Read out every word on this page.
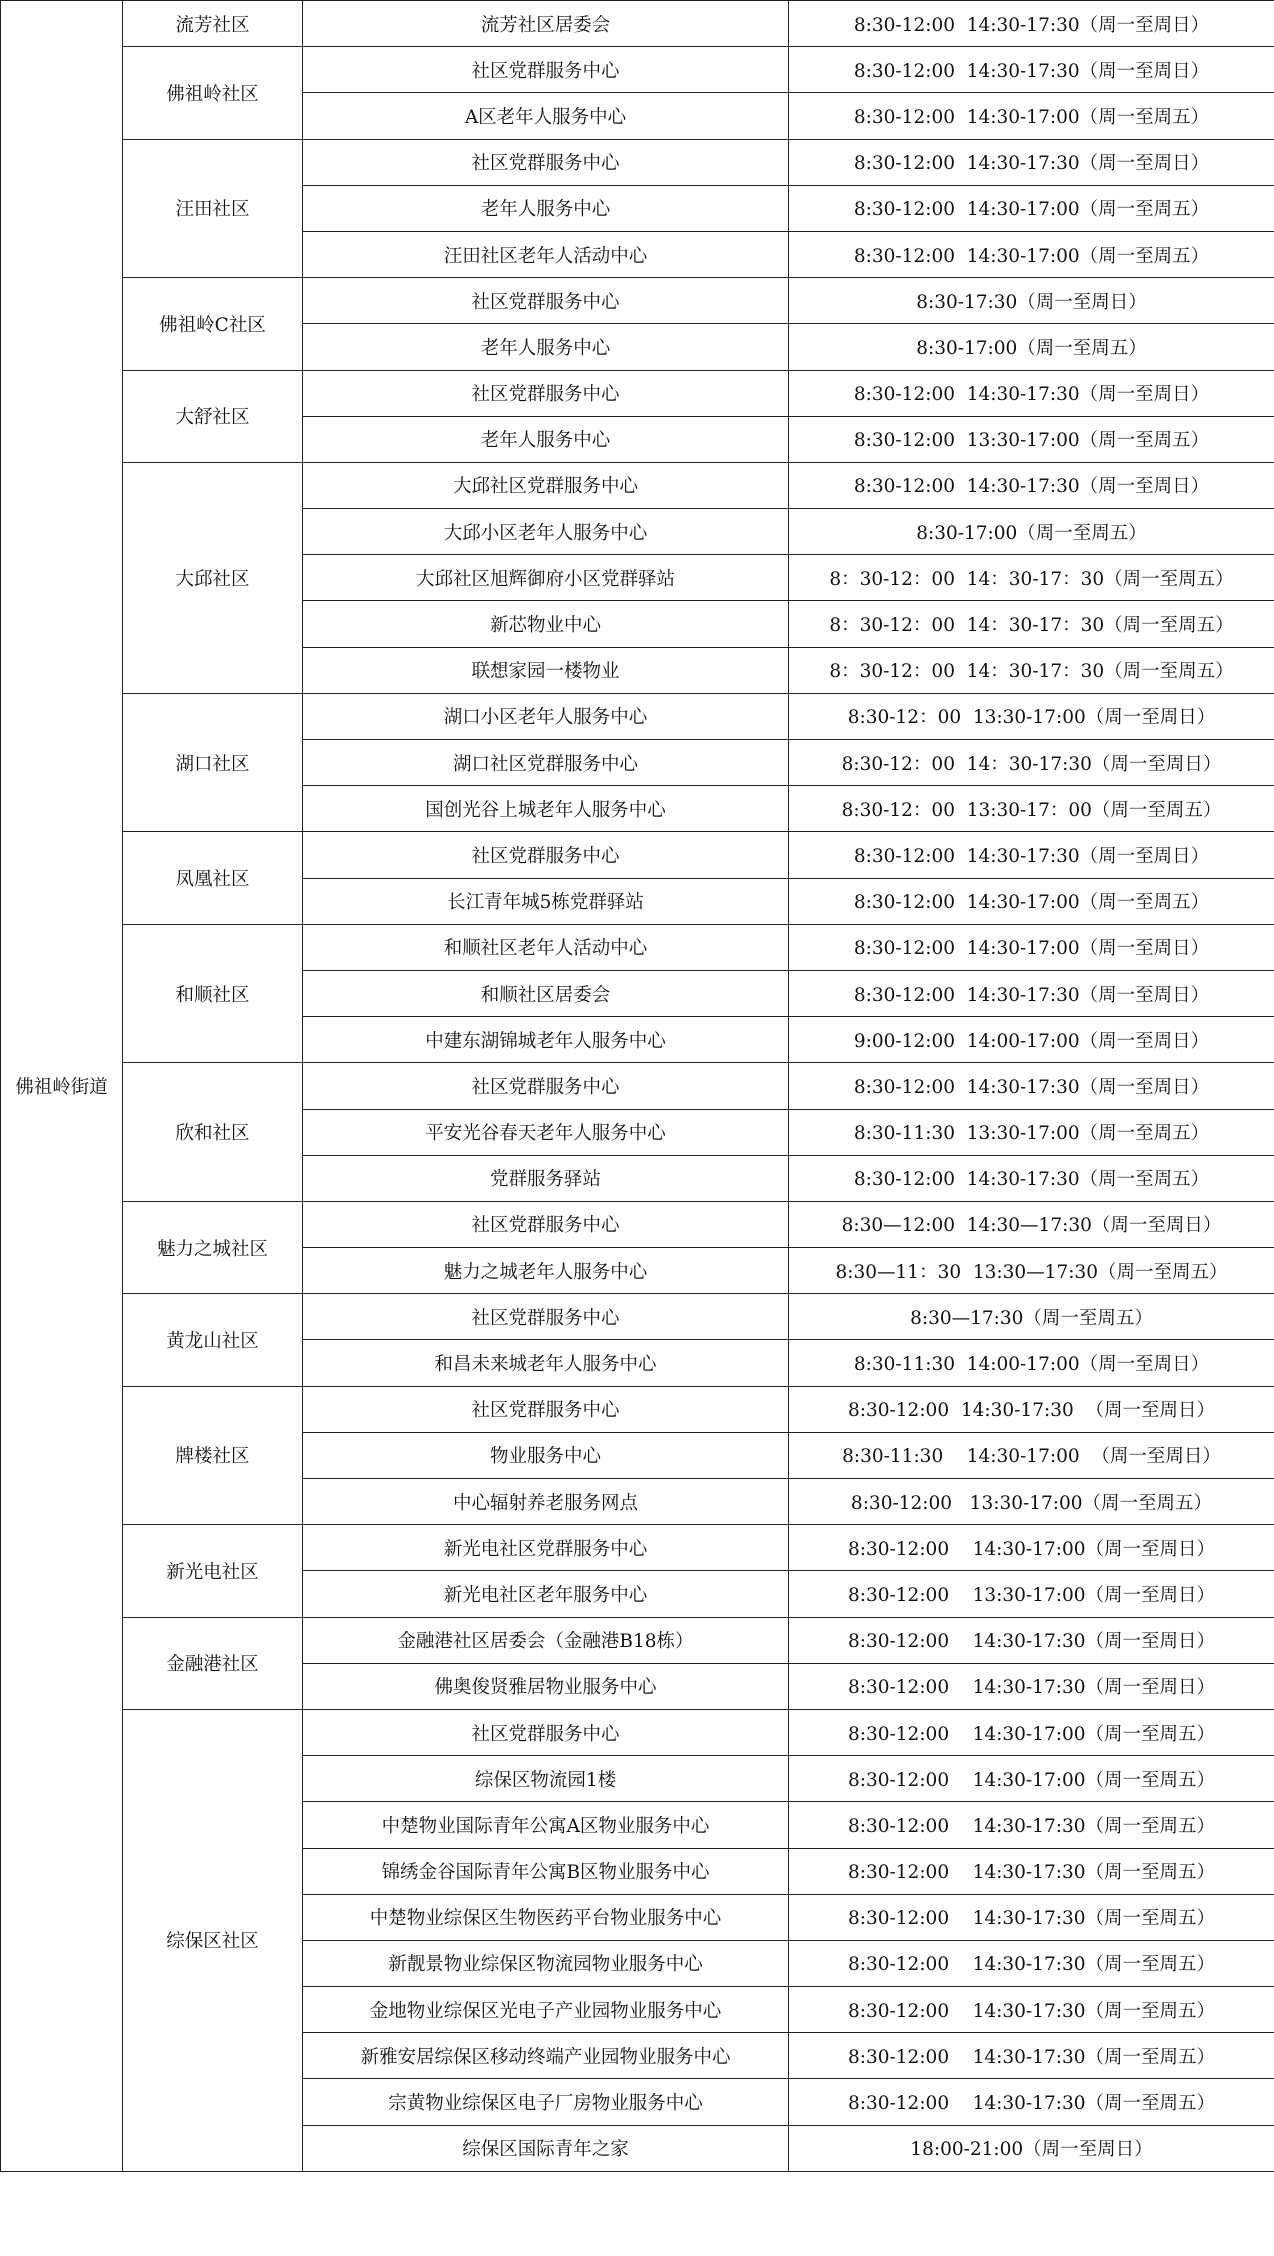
佛祖岭街道	流芳社区	流芳社区居委会	8:30-12:00  14:30-17:30（周一至周日）
	佛祖岭社区	社区党群服务中心	8:30-12:00  14:30-17:30（周一至周日）
		A区老年人服务中心	8:30-12:00  14:30-17:00（周一至周五）
	汪田社区	社区党群服务中心	8:30-12:00  14:30-17:30（周一至周日）
		老年人服务中心	8:30-12:00  14:30-17:00（周一至周五）
		汪田社区老年人活动中心	8:30-12:00  14:30-17:00（周一至周五）
	佛祖岭C社区	社区党群服务中心	8:30-17:30（周一至周日）
		老年人服务中心	8:30-17:00（周一至周五）
	大舒社区	社区党群服务中心	8:30-12:00  14:30-17:30（周一至周日）
		老年人服务中心	8:30-12:00  13:30-17:00（周一至周五）
	大邱社区	大邱社区党群服务中心	8:30-12:00  14:30-17:30（周一至周日）
		大邱小区老年人服务中心	8:30-17:00（周一至周五）
		大邱社区旭辉御府小区党群驿站	8：30-12：00  14：30-17：30（周一至周五）
		新芯物业中心	8：30-12：00  14：30-17：30（周一至周五）
		联想家园一楼物业	8：30-12：00  14：30-17：30（周一至周五）
	湖口社区	湖口小区老年人服务中心	8:30-12：00  13:30-17:00（周一至周日）
		湖口社区党群服务中心	8:30-12：00  14：30-17:30（周一至周日）
		国创光谷上城老年人服务中心	8:30-12：00  13:30-17：00（周一至周五）
	凤凰社区	社区党群服务中心	8:30-12:00  14:30-17:30（周一至周日）
		长江青年城5栋党群驿站	8:30-12:00  14:30-17:00（周一至周五）
	和顺社区	和顺社区老年人活动中心	8:30-12:00  14:30-17:00（周一至周日）
		和顺社区居委会	8:30-12:00  14:30-17:30（周一至周日）
		中建东湖锦城老年人服务中心	9:00-12:00  14:00-17:00（周一至周日）
	欣和社区	社区党群服务中心	8:30-12:00  14:30-17:30（周一至周日）
		平安光谷春天老年人服务中心	8:30-11:30  13:30-17:00（周一至周五）
		党群服务驿站	8:30-12:00  14:30-17:30（周一至周五）
	魅力之城社区	社区党群服务中心	8:30—12:00  14:30—17:30（周一至周日）
		魅力之城老年人服务中心	8:30—11：30  13:30—17:30（周一至周五）
	黄龙山社区	社区党群服务中心	8:30—17:30（周一至周五）
		和昌未来城老年人服务中心	8:30-11:30  14:00-17:00（周一至周日）
	牌楼社区	社区党群服务中心	8:30-12:00  14:30-17:30  （周一至周日）
		物业服务中心	8:30-11:30    14:30-17:00  （周一至周日）
		中心辐射养老服务网点	8:30-12:00   13:30-17:00（周一至周五）
	新光电社区	新光电社区党群服务中心	8:30-12:00    14:30-17:00（周一至周日）
		新光电社区老年服务中心	8:30-12:00    13:30-17:00（周一至周日）
	金融港社区	金融港社区居委会（金融港B18栋）	8:30-12:00    14:30-17:30（周一至周日）
		佛奥俊贤雅居物业服务中心	8:30-12:00    14:30-17:30（周一至周日）
	综保区社区	社区党群服务中心	8:30-12:00    14:30-17:00（周一至周五）
		综保区物流园1楼	8:30-12:00    14:30-17:00（周一至周五）
		中楚物业国际青年公寓A区物业服务中心	8:30-12:00    14:30-17:30（周一至周五）
		锦绣金谷国际青年公寓B区物业服务中心	8:30-12:00    14:30-17:30（周一至周五）
		中楚物业综保区生物医药平台物业服务中心	8:30-12:00    14:30-17:30（周一至周五）
		新靓景物业综保区物流园物业服务中心	8:30-12:00    14:30-17:30（周一至周五）
		金地物业综保区光电子产业园物业服务中心	8:30-12:00    14:30-17:30（周一至周五）
		新雅安居综保区移动终端产业园物业服务中心	8:30-12:00    14:30-17:30（周一至周五）
		宗黄物业综保区电子厂房物业服务中心	8:30-12:00    14:30-17:30（周一至周五）
		综保区国际青年之家	18:00-21:00（周一至周日）
